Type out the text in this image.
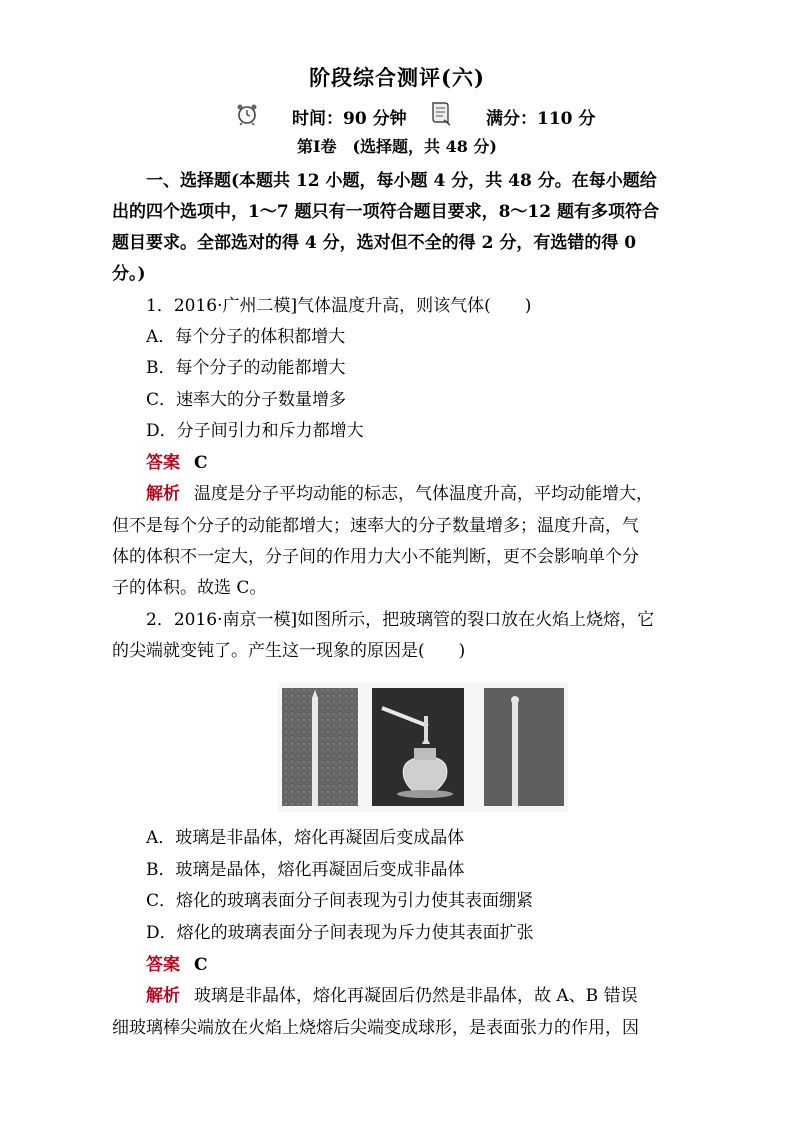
阶段综合测评(六)
时间：90 分钟	满分：110 分
第Ⅰ卷　(选择题，共 48 分)
一、选择题(本题共 12 小题，每小题 4 分，共 48 分。在每小题给
出的四个选项中，1～7 题只有一项符合题目要求，8～12 题有多项符合
题目要求。全部选对的得 4 分，选对但不全的得 2 分，有选错的得 0
分。)
1．2016·广州二模]气体温度升高，则该气体(　　)
A．每个分子的体积都增大
B．每个分子的动能都增大
C．速率大的分子数量增多
D．分子间引力和斥力都增大
答案 C
解析 温度是分子平均动能的标志，气体温度升高，平均动能增大，
但不是每个分子的动能都增大；速率大的分子数量增多；温度升高，气
体的体积不一定大，分子间的作用力大小不能判断，更不会影响单个分
子的体积。故选 C。
2．2016·南京一模]如图所示，把玻璃管的裂口放在火焰上烧熔，它
的尖端就变钝了。产生这一现象的原因是(　　)
A．玻璃是非晶体，熔化再凝固后变成晶体
B．玻璃是晶体，熔化再凝固后变成非晶体
C．熔化的玻璃表面分子间表现为引力使其表面绷紧
D．熔化的玻璃表面分子间表现为斥力使其表面扩张
答案 C
解析 玻璃是非晶体，熔化再凝固后仍然是非晶体，故 A、B 错误
细玻璃棒尖端放在火焰上烧熔后尖端变成球形，是表面张力的作用，因
